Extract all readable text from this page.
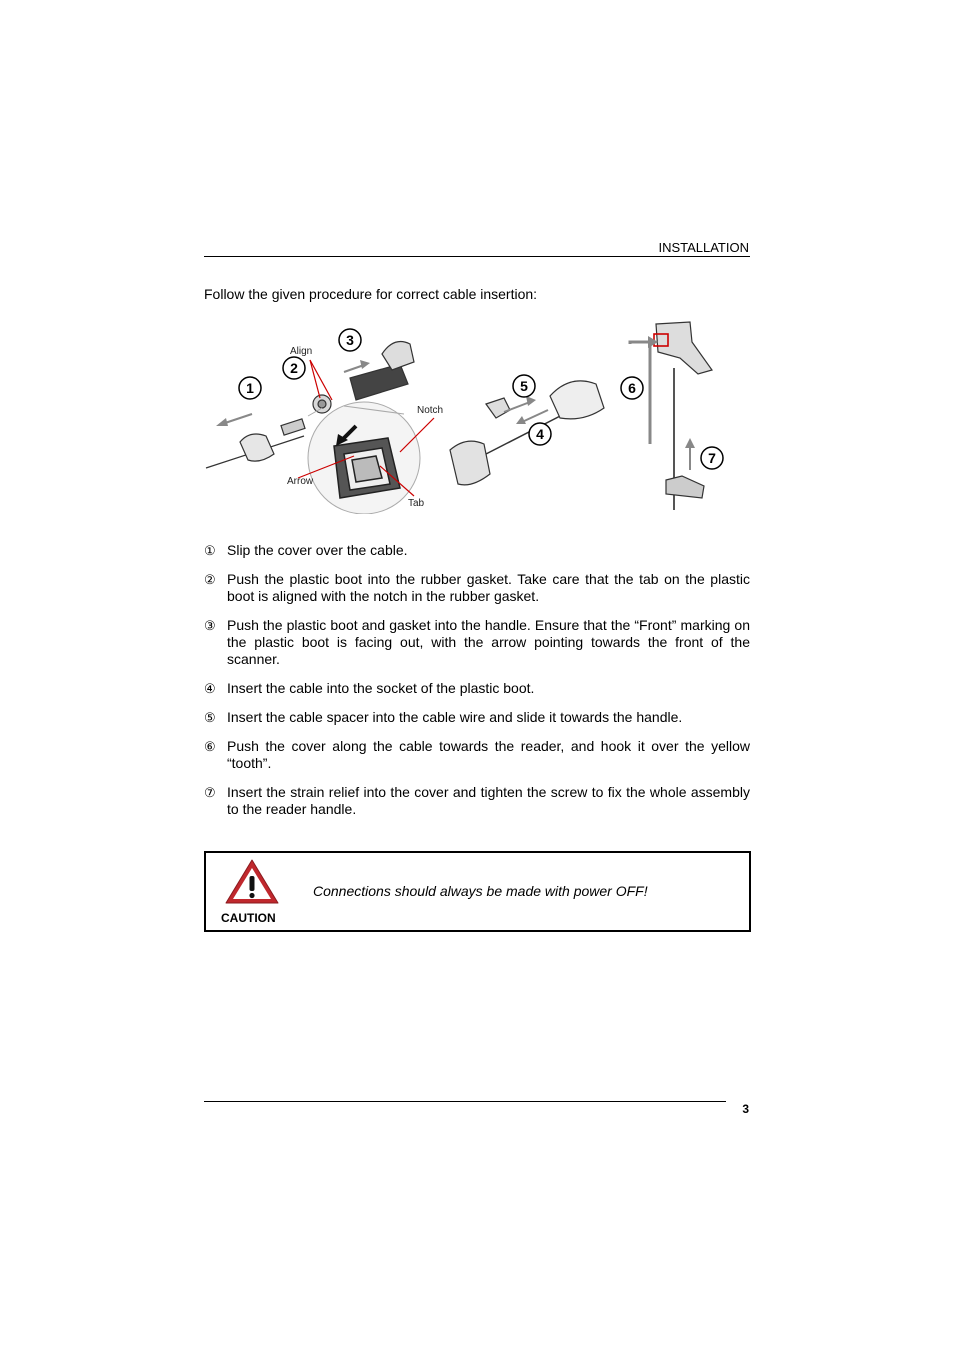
INSTALLATION
Follow the given procedure for correct cable insertion:
1
2
3
4
5	6
7
Align
Notch
Arrow
Tab
① Slip the cover over the cable.
② Push the plastic boot into the rubber gasket. Take care that the tab on the plastic boot is aligned with the notch in the rubber gasket.
③ Push the plastic boot and gasket into the handle. Ensure that the “Front” marking on the plastic boot is facing out, with the arrow pointing towards the front of the scanner.
④ Insert the cable into the socket of the plastic boot.
⑤ Insert the cable spacer into the cable wire and slide it towards the handle.
⑥ Push the cover along the cable towards the reader, and hook it over the yellow “tooth”.
⑦ Insert the strain relief into the cover and tighten the screw to fix the whole assembly to the reader handle.
CAUTION
Connections should always be made with power OFF!
3
